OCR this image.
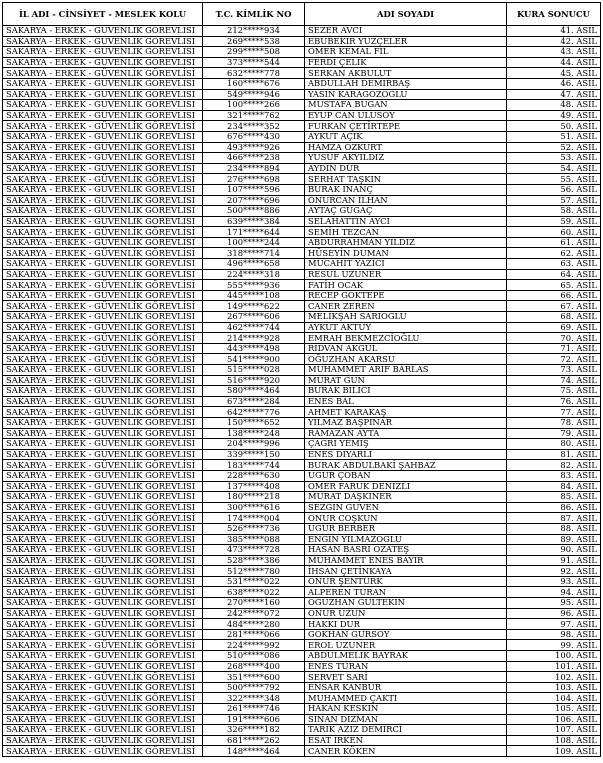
İL ADI - CİNSİYET - MESLEK KOLU	T.C. KİMLİK NO	ADI SOYADI	KURA SONUCU
SAKARYA - ERKEK - GÜVENLİK GÖREVLİSİ	212*****934	SEZER AVCI	41. ASİL
SAKARYA - ERKEK - GÜVENLİK GÖREVLİSİ	269*****538	EBUBEKİR YÜZÇELER	42. ASİL
SAKARYA - ERKEK - GÜVENLİK GÖREVLİSİ	299*****508	ÖMER KEMAL FİL	43. ASİL
SAKARYA - ERKEK - GÜVENLİK GÖREVLİSİ	373*****544	FERDİ ÇELİK	44. ASİL
SAKARYA - ERKEK - GÜVENLİK GÖREVLİSİ	632*****778	SERKAN AKBULUT	45. ASİL
SAKARYA - ERKEK - GÜVENLİK GÖREVLİSİ	160*****676	ABDULLAH DEMİRBAŞ	46. ASİL
SAKARYA - ERKEK - GÜVENLİK GÖREVLİSİ	549*****946	YASİN KARAGÖZOĞLU	47. ASİL
SAKARYA - ERKEK - GÜVENLİK GÖREVLİSİ	100*****266	MUSTAFA BUĞAN	48. ASİL
SAKARYA - ERKEK - GÜVENLİK GÖREVLİSİ	321*****762	EYÜP CAN ULUSOY	49. ASİL
SAKARYA - ERKEK - GÜVENLİK GÖREVLİSİ	234*****352	FURKAN ÇETİRTEPE	50. ASİL
SAKARYA - ERKEK - GÜVENLİK GÖREVLİSİ	676*****430	AYKUT AÇIK	51. ASİL
SAKARYA - ERKEK - GÜVENLİK GÖREVLİSİ	493*****926	HAMZA ÖZKURT	52. ASİL
SAKARYA - ERKEK - GÜVENLİK GÖREVLİSİ	466*****238	YUSUF AKYILDIZ	53. ASİL
SAKARYA - ERKEK - GÜVENLİK GÖREVLİSİ	234*****894	AYDIN DUR	54. ASİL
SAKARYA - ERKEK - GÜVENLİK GÖREVLİSİ	276*****698	SERHAT TAŞKIN	55. ASİL
SAKARYA - ERKEK - GÜVENLİK GÖREVLİSİ	107*****596	BURAK İNANÇ	56. ASİL
SAKARYA - ERKEK - GÜVENLİK GÖREVLİSİ	207*****696	ONURCAN İLHAN	57. ASİL
SAKARYA - ERKEK - GÜVENLİK GÖREVLİSİ	500*****886	AYTAÇ GUGAÇ	58. ASİL
SAKARYA - ERKEK - GÜVENLİK GÖREVLİSİ	639*****384	SELAHATTİN AYCI	59. ASİL
SAKARYA - ERKEK - GÜVENLİK GÖREVLİSİ	171*****644	SEMİH TEZCAN	60. ASİL
SAKARYA - ERKEK - GÜVENLİK GÖREVLİSİ	100*****244	ABDURRAHMAN YILDIZ	61. ASİL
SAKARYA - ERKEK - GÜVENLİK GÖREVLİSİ	318*****714	HÜSEYİN DUMAN	62. ASİL
SAKARYA - ERKEK - GÜVENLİK GÖREVLİSİ	496*****658	MÜCAHİT YAZICI	63. ASİL
SAKARYA - ERKEK - GÜVENLİK GÖREVLİSİ	224*****318	RESUL UZUNER	64. ASİL
SAKARYA - ERKEK - GÜVENLİK GÖREVLİSİ	555*****936	FATİH OCAK	65. ASİL
SAKARYA - ERKEK - GÜVENLİK GÖREVLİSİ	445*****108	RECEP GÖKTEPE	66. ASİL
SAKARYA - ERKEK - GÜVENLİK GÖREVLİSİ	149*****622	CANER ZEREN	67. ASİL
SAKARYA - ERKEK - GÜVENLİK GÖREVLİSİ	267*****606	MELİKŞAH SARIOĞLU	68. ASİL
SAKARYA - ERKEK - GÜVENLİK GÖREVLİSİ	462*****744	AYKUT AKTÜY	69. ASİL
SAKARYA - ERKEK - GÜVENLİK GÖREVLİSİ	214*****928	EMRAH BEKMEZCİOĞLU	70. ASİL
SAKARYA - ERKEK - GÜVENLİK GÖREVLİSİ	443*****498	RIDVAN AKGÜL	71. ASİL
SAKARYA - ERKEK - GÜVENLİK GÖREVLİSİ	541*****900	OĞUZHAN AKARSU	72. ASİL
SAKARYA - ERKEK - GÜVENLİK GÖREVLİSİ	515*****028	MUHAMMET ARİF BARLAS	73. ASİL
SAKARYA - ERKEK - GÜVENLİK GÖREVLİSİ	516*****920	MURAT GÜN	74. ASİL
SAKARYA - ERKEK - GÜVENLİK GÖREVLİSİ	580*****464	BURAK BİLİCİ	75. ASİL
SAKARYA - ERKEK - GÜVENLİK GÖREVLİSİ	673*****284	ENES BAL	76. ASİL
SAKARYA - ERKEK - GÜVENLİK GÖREVLİSİ	642*****776	AHMET KARAKAŞ	77. ASİL
SAKARYA - ERKEK - GÜVENLİK GÖREVLİSİ	150*****652	YILMAZ BAŞPINAR	78. ASİL
SAKARYA - ERKEK - GÜVENLİK GÖREVLİSİ	138*****248	RAMAZAN AYTA	79. ASİL
SAKARYA - ERKEK - GÜVENLİK GÖREVLİSİ	204*****996	ÇAĞRI YEMİŞ	80. ASİL
SAKARYA - ERKEK - GÜVENLİK GÖREVLİSİ	339*****150	ENES DİYARLI	81. ASİL
SAKARYA - ERKEK - GÜVENLİK GÖREVLİSİ	183*****744	BURAK ABDULBAKİ ŞAHBAZ	82. ASİL
SAKARYA - ERKEK - GÜVENLİK GÖREVLİSİ	228*****630	UĞUR ÇOBAN	83. ASİL
SAKARYA - ERKEK - GÜVENLİK GÖREVLİSİ	137*****408	ÖMER FARUK DENİZLİ	84. ASİL
SAKARYA - ERKEK - GÜVENLİK GÖREVLİSİ	180*****218	MURAT DAŞKINER	85. ASİL
SAKARYA - ERKEK - GÜVENLİK GÖREVLİSİ	300*****616	SEZGİN GÜVEN	86. ASİL
SAKARYA - ERKEK - GÜVENLİK GÖREVLİSİ	174*****004	ONUR COŞKUN	87. ASİL
SAKARYA - ERKEK - GÜVENLİK GÖREVLİSİ	526*****736	UĞUR BERBER	88. ASİL
SAKARYA - ERKEK - GÜVENLİK GÖREVLİSİ	385*****088	ENGİN YILMAZOĞLU	89. ASİL
SAKARYA - ERKEK - GÜVENLİK GÖREVLİSİ	473*****728	HASAN BASRİ ÖZATEŞ	90. ASİL
SAKARYA - ERKEK - GÜVENLİK GÖREVLİSİ	528*****386	MUHAMMET ENES BAYIR	91. ASİL
SAKARYA - ERKEK - GÜVENLİK GÖREVLİSİ	512*****780	İHSAN ÇETİNKAYA	92. ASİL
SAKARYA - ERKEK - GÜVENLİK GÖREVLİSİ	531*****022	ONUR ŞENTÜRK	93. ASİL
SAKARYA - ERKEK - GÜVENLİK GÖREVLİSİ	638*****022	ALPEREN TURAN	94. ASİL
SAKARYA - ERKEK - GÜVENLİK GÖREVLİSİ	270*****160	OĞUZHAN GÜLTEKİN	95. ASİL
SAKARYA - ERKEK - GÜVENLİK GÖREVLİSİ	242*****072	ONUR UZUN	96. ASİL
SAKARYA - ERKEK - GÜVENLİK GÖREVLİSİ	484*****280	HAKKI DUR	97. ASİL
SAKARYA - ERKEK - GÜVENLİK GÖREVLİSİ	281*****066	GÖKHAN GÜRSOY	98. ASİL
SAKARYA - ERKEK - GÜVENLİK GÖREVLİSİ	224*****992	EROL UZUNER	99. ASİL
SAKARYA - ERKEK - GÜVENLİK GÖREVLİSİ	510*****086	ABDÜLMELİK BAYRAK	100. ASİL
SAKARYA - ERKEK - GÜVENLİK GÖREVLİSİ	268*****400	ENES TURAN	101. ASİL
SAKARYA - ERKEK - GÜVENLİK GÖREVLİSİ	351*****600	SERVET SARİ	102. ASİL
SAKARYA - ERKEK - GÜVENLİK GÖREVLİSİ	500*****792	ENSAR KANBUR	103. ASİL
SAKARYA - ERKEK - GÜVENLİK GÖREVLİSİ	322*****348	MUHAMMED ÇAKTI	104. ASİL
SAKARYA - ERKEK - GÜVENLİK GÖREVLİSİ	261*****746	HAKAN KESKİN	105. ASİL
SAKARYA - ERKEK - GÜVENLİK GÖREVLİSİ	191*****606	SİNAN DİZMAN	106. ASİL
SAKARYA - ERKEK - GÜVENLİK GÖREVLİSİ	326*****182	TARIK AZİZ DEMİRCİ	107. ASİL
SAKARYA - ERKEK - GÜVENLİK GÖREVLİSİ	681*****262	ESAT İRKEN	108. ASİL
SAKARYA - ERKEK - GÜVENLİK GÖREVLİSİ	148*****464	CANER KÖKEN	109. ASİL
